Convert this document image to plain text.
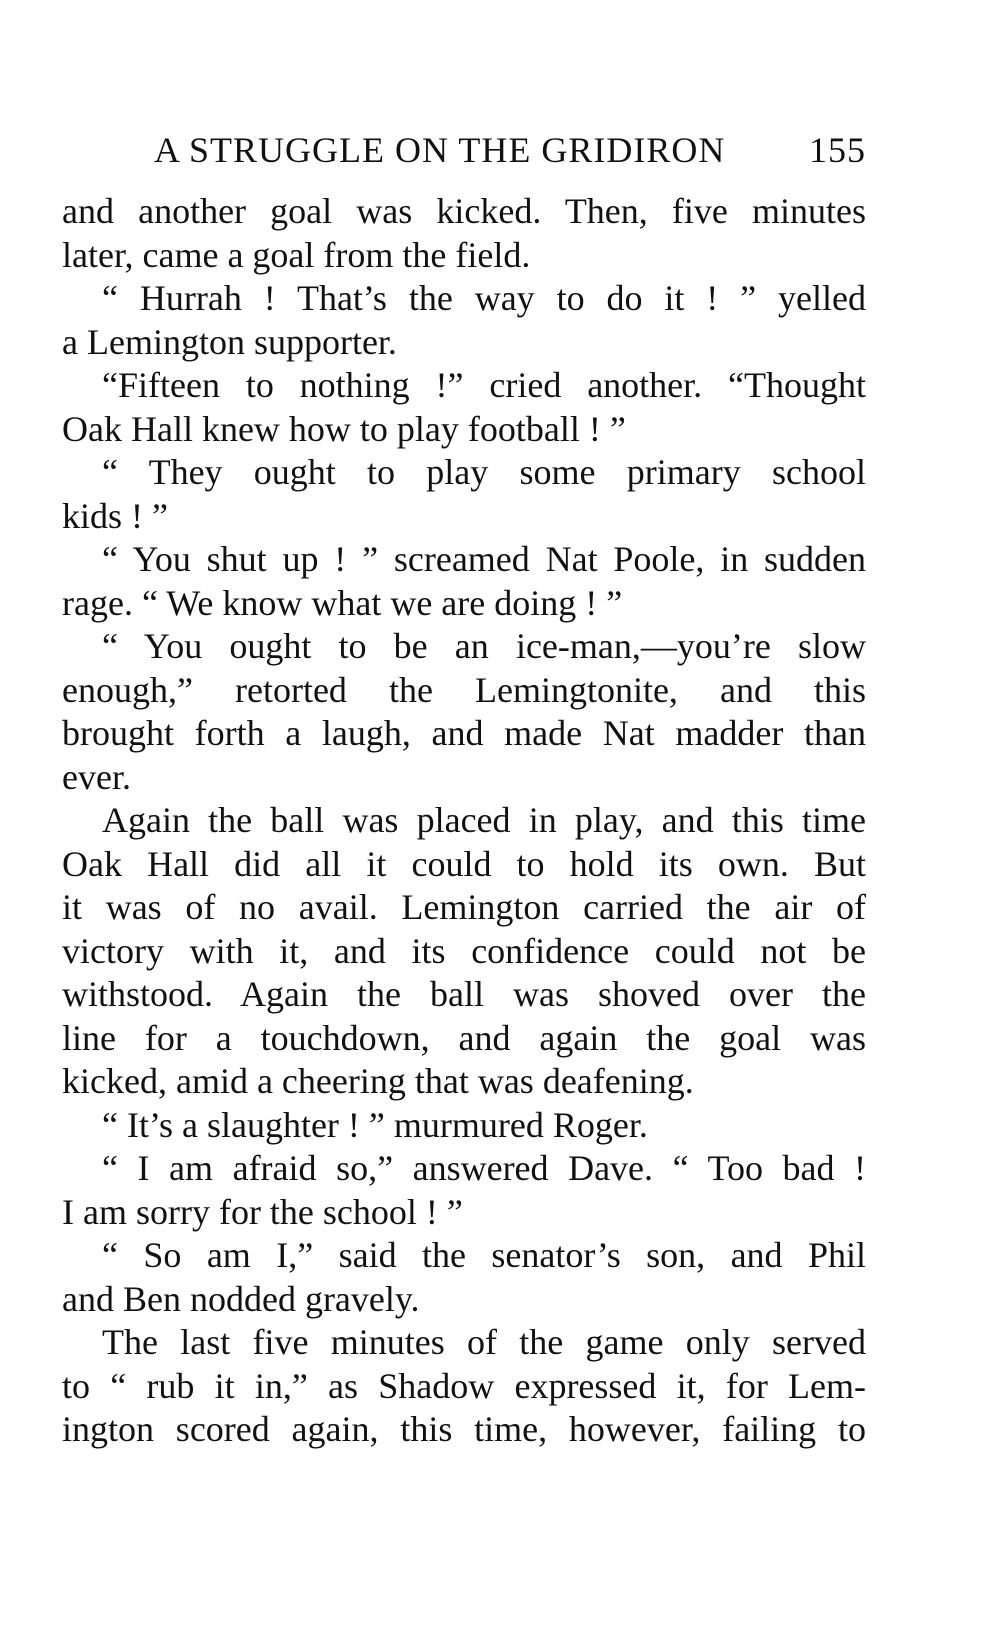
A STRUGGLE ON THE GRIDIRON 155
and another goal was kicked. Then, five minutes
later, came a goal from the field.
“ Hurrah ! That’s the way to do it ! ” yelled
a Lemington supporter.
“Fifteen to nothing !” cried another. “Thought
Oak Hall knew how to play football ! ”
“ They ought to play some primary school
kids ! ”
“ You shut up ! ” screamed Nat Poole, in sudden
rage. “ We know what we are doing ! ”
“ You ought to be an ice-man,—you’re slow
enough,” retorted the Lemingtonite, and this
brought forth a laugh, and made Nat madder than
ever.
Again the ball was placed in play, and this time
Oak Hall did all it could to hold its own. But
it was of no avail. Lemington carried the air of
victory with it, and its confidence could not be
withstood. Again the ball was shoved over the
line for a touchdown, and again the goal was
kicked, amid a cheering that was deafening.
“ It’s a slaughter ! ” murmured Roger.
“ I am afraid so,” answered Dave. “ Too bad !
I am sorry for the school ! ”
“ So am I,” said the senator’s son, and Phil
and Ben nodded gravely.
The last five minutes of the game only served
to “ rub it in,” as Shadow expressed it, for Lem-
ington scored again, this time, however, failing to
